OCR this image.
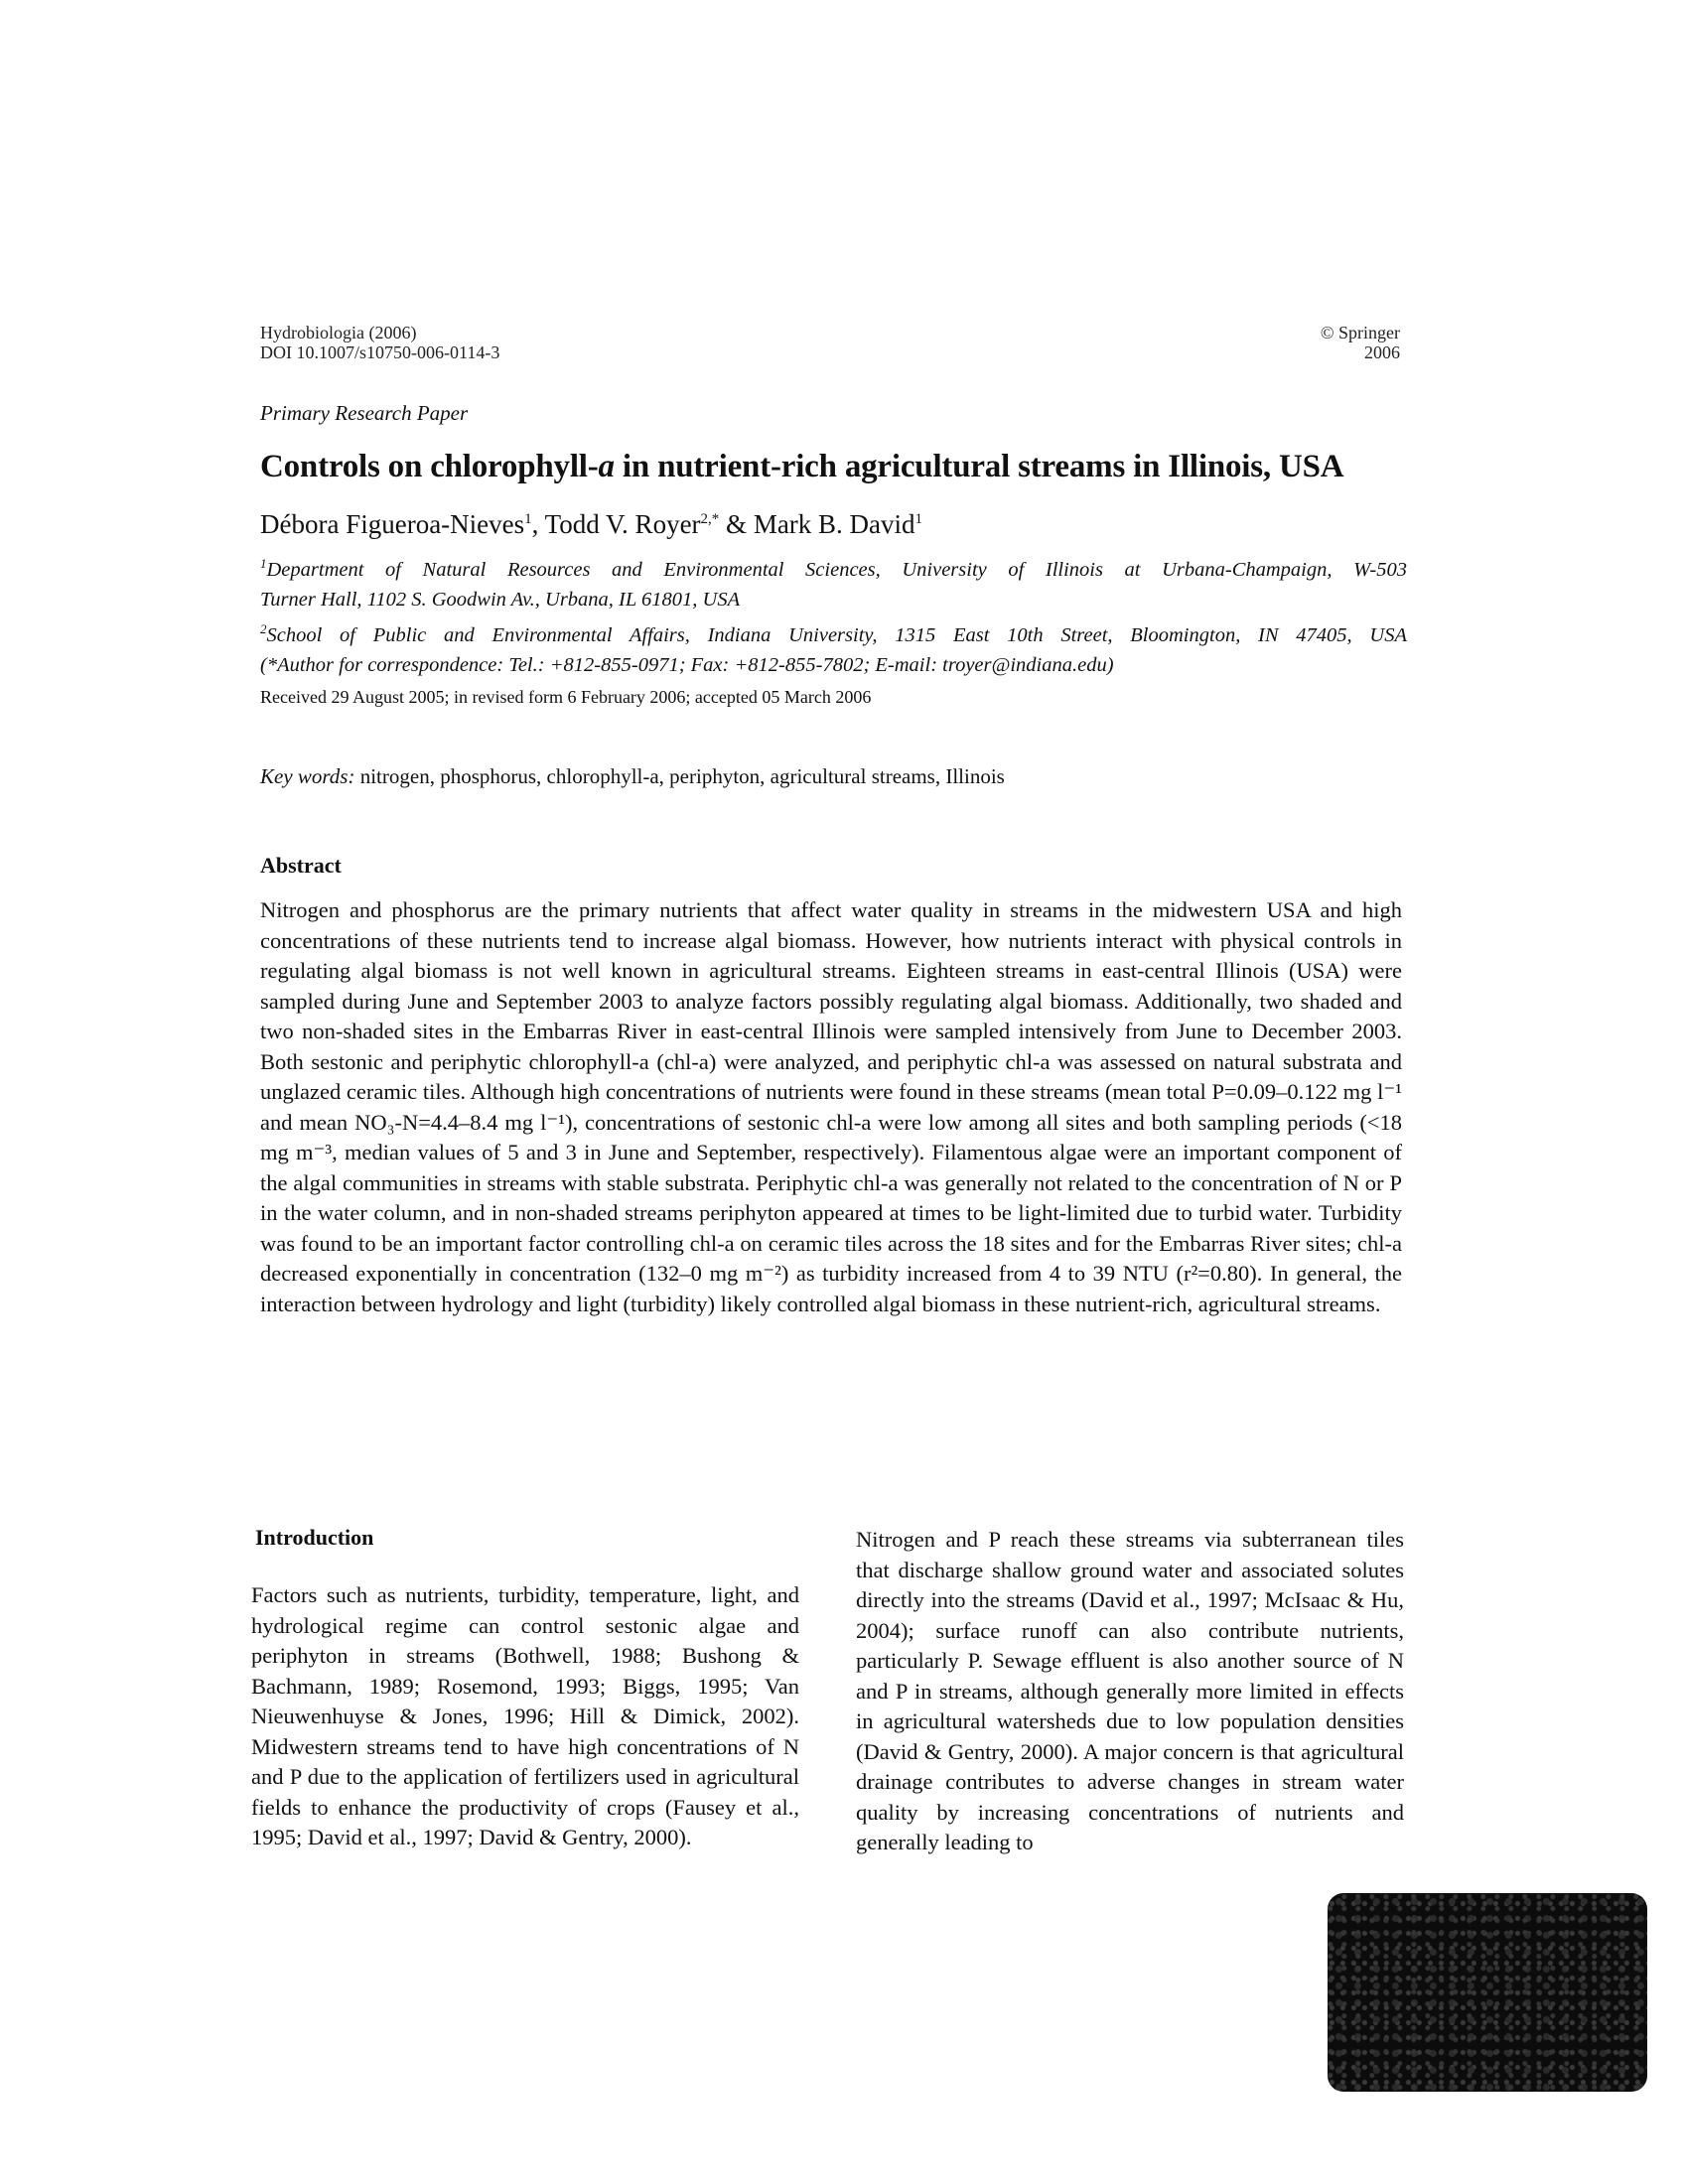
Hydrobiologia (2006)
DOI 10.1007/s10750-006-0114-3
© Springer 2006
Primary Research Paper
Controls on chlorophyll-a in nutrient-rich agricultural streams in Illinois, USA
Débora Figueroa-Nieves$^1$, Todd V. Royer$^{2,*}$ & Mark B. David$^1$

$^1$Department of Natural Resources and Environmental Sciences, University of Illinois at Urbana-Champaign, W-503

Turner Hall, 1102 S. Goodwin Av., Urbana, IL 61801, USA

$^2$School of Public and Environmental Affairs, Indiana University, 1315 East 10th Street, Bloomington, IN 47405, USA

(*Author for correspondence: Tel.: +812-855-0971; Fax: +812-855-7802; E-mail: troyer@indiana.edu)

Received 29 August 2005; in revised form 6 February 2006; accepted 05 March 2006
Key words: nitrogen, phosphorus, chlorophyll-a, periphyton, agricultural streams, Illinois
Abstract

Nitrogen and phosphorus are the primary nutrients that affect water quality in streams in the midwestern USA and high concentrations of these nutrients tend to increase algal biomass. However, how nutrients interact with physical controls in regulating algal biomass is not well known in agricultural streams. Eighteen streams in east-central Illinois (USA) were sampled during June and September 2003 to analyze factors possibly regulating algal biomass. Additionally, two shaded and two non-shaded sites in the Embarras River in east-central Illinois were sampled intensively from June to December 2003. Both sestonic and periphytic chlorophyll-a (chl-a) were analyzed, and periphytic chl-a was assessed on natural substrata and unglazed ceramic tiles. Although high concentrations of nutrients were found in these streams (mean total P=0.09–0.122 mg l⁻¹ and mean NO₃-N=4.4–8.4 mg l⁻¹), concentrations of sestonic chl-a were low among all sites and both sampling periods (<18 mg m⁻³, median values of 5 and 3 in June and September, respectively). Filamentous algae were an important component of the algal communities in streams with stable substrata. Periphytic chl-a was generally not related to the concentration of N or P in the water column, and in non-shaded streams periphyton appeared at times to be light-limited due to turbid water. Turbidity was found to be an important factor controlling chl-a on ceramic tiles across the 18 sites and for the Embarras River sites; chl-a decreased exponentially in concentration (132–0 mg m⁻²) as turbidity increased from 4 to 39 NTU (r²=0.80). In general, the interaction between hydrology and light (turbidity) likely controlled algal biomass in these nutrient-rich, agricultural streams.

Introduction

Factors such as nutrients, turbidity, temperature, light, and hydrological regime can control sestonic algae and periphyton in streams (Bothwell, 1988; Bushong & Bachmann, 1989; Rosemond, 1993; Biggs, 1995; Van Nieuwenhuyse & Jones, 1996; Hill & Dimick, 2002). Midwestern streams tend to have high concentrations of N and P due to the application of fertilizers used in agricultural fields to enhance the productivity of crops (Fausey et al., 1995; David et al., 1997; David & Gentry, 2000).

Nitrogen and P reach these streams via subterranean tiles that discharge shallow ground water and associated solutes directly into the streams (David et al., 1997; McIsaac & Hu, 2004); surface runoff can also contribute nutrients, particularly P. Sewage effluent is also another source of N and P in streams, although generally more limited in effects in agricultural watersheds due to low population densities (David & Gentry, 2000). A major concern is that agricultural drainage contributes to adverse changes in stream water quality by increasing concentrations of nutrients and generally leading to
